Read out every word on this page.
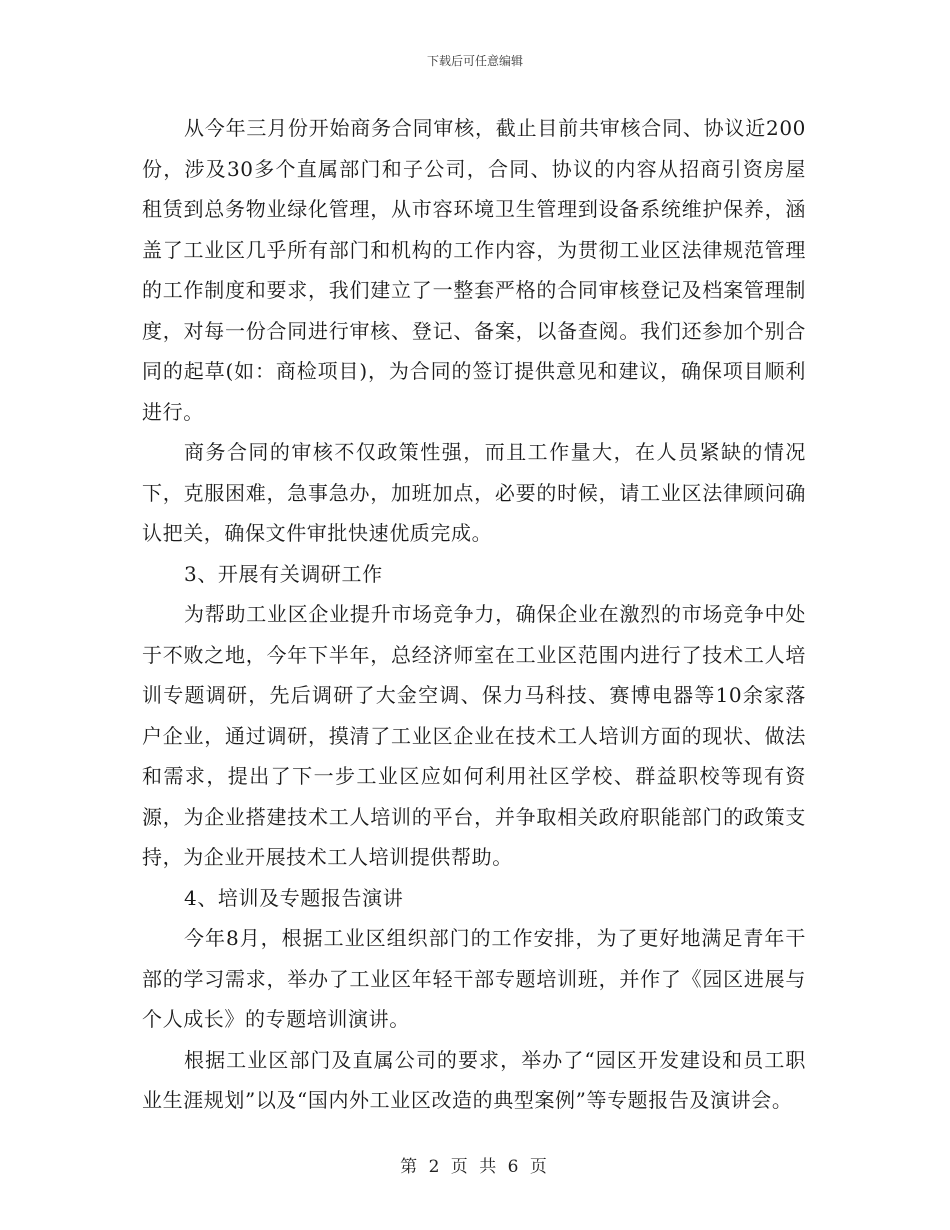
下载后可任意编辑

从今年三月份开始商务合同审核，截止目前共审核合同、协议近200份，涉及30多个直属部门和子公司，合同、协议的内容从招商引资房屋租赁到总务物业绿化管理，从市容环境卫生管理到设备系统维护保养，涵盖了工业区几乎所有部门和机构的工作内容，为贯彻工业区法律规范管理的工作制度和要求，我们建立了一整套严格的合同审核登记及档案管理制度，对每一份合同进行审核、登记、备案，以备查阅。我们还参加个别合同的起草(如：商检项目)，为合同的签订提供意见和建议，确保项目顺利进行。

商务合同的审核不仅政策性强，而且工作量大，在人员紧缺的情况下，克服困难，急事急办，加班加点，必要的时候，请工业区法律顾问确认把关，确保文件审批快速优质完成。

3、开展有关调研工作

为帮助工业区企业提升市场竞争力，确保企业在激烈的市场竞争中处于不败之地，今年下半年，总经济师室在工业区范围内进行了技术工人培训专题调研，先后调研了大金空调、保力马科技、赛博电器等10余家落户企业，通过调研，摸清了工业区企业在技术工人培训方面的现状、做法和需求，提出了下一步工业区应如何利用社区学校、群益职校等现有资源，为企业搭建技术工人培训的平台，并争取相关政府职能部门的政策支持，为企业开展技术工人培训提供帮助。

4、培训及专题报告演讲

今年8月，根据工业区组织部门的工作安排，为了更好地满足青年干部的学习需求，举办了工业区年轻干部专题培训班，并作了《园区进展与个人成长》的专题培训演讲。

根据工业区部门及直属公司的要求，举办了“园区开发建设和员工职业生涯规划”以及“国内外工业区改造的典型案例”等专题报告及演讲会。

第 2 页 共 6 页
